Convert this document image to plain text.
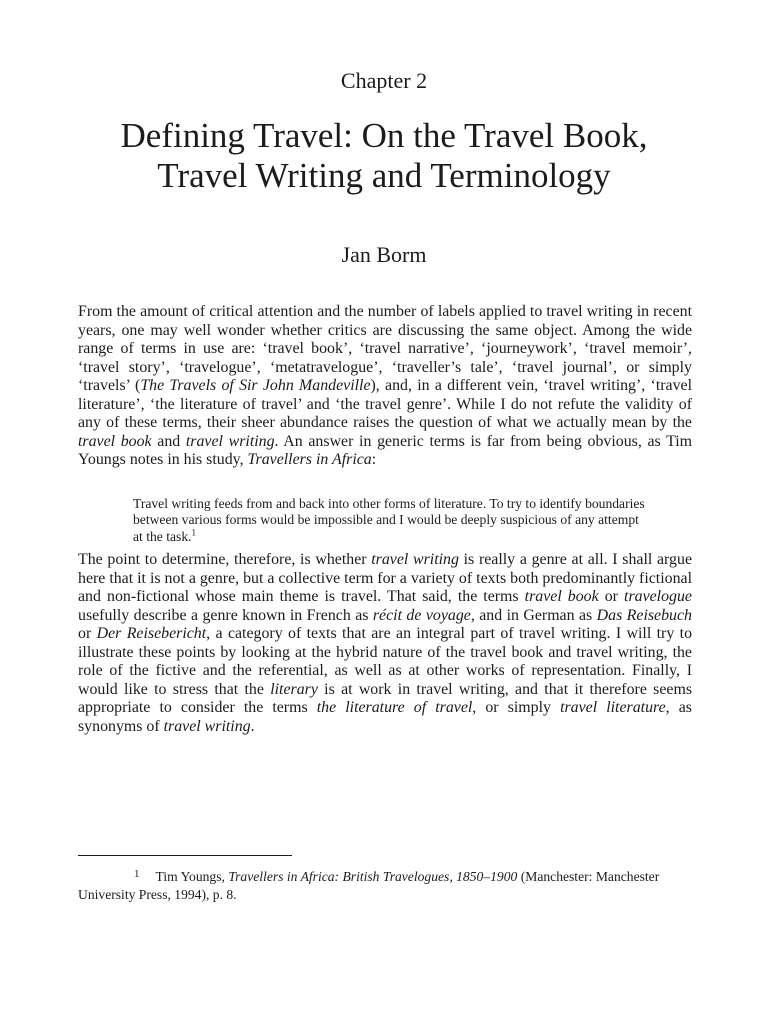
Chapter 2
Defining Travel: On the Travel Book, Travel Writing and Terminology
Jan Borm

From the amount of critical attention and the number of labels applied to travel writing in recent years, one may well wonder whether critics are discussing the same object. Among the wide range of terms in use are: ‘travel book’, ‘travel narrative’, ‘journeywork’, ‘travel memoir’, ‘travel story’, ‘travelogue’, ‘metatravelogue’, ‘traveller’s tale’, ‘travel journal’, or simply ‘travels’ (The Travels of Sir John Mandeville), and, in a different vein, ‘travel writing’, ‘travel literature’, ‘the literature of travel’ and ‘the travel genre’. While I do not refute the validity of any of these terms, their sheer abundance raises the question of what we actually mean by the travel book and travel writing. An answer in generic terms is far from being obvious, as Tim Youngs notes in his study, Travellers in Africa:

Travel writing feeds from and back into other forms of literature. To try to identify boundaries between various forms would be impossible and I would be deeply suspicious of any attempt at the task.$^1$

The point to determine, therefore, is whether travel writing is really a genre at all. I shall argue here that it is not a genre, but a collective term for a variety of texts both predominantly fictional and non-fictional whose main theme is travel. That said, the terms travel book or travelogue usefully describe a genre known in French as récit de voyage, and in German as Das Reisebuch or Der Reisebericht, a category of texts that are an integral part of travel writing. I will try to illustrate these points by looking at the hybrid nature of the travel book and travel writing, the role of the fictive and the referential, as well as at other works of representation. Finally, I would like to stress that the literary is at work in travel writing, and that it therefore seems appropriate to consider the terms the literature of travel, or simply travel literature, as synonyms of travel writing.

1 Tim Youngs, Travellers in Africa: British Travelogues, 1850–1900 (Manchester: Manchester University Press, 1994), p. 8.
